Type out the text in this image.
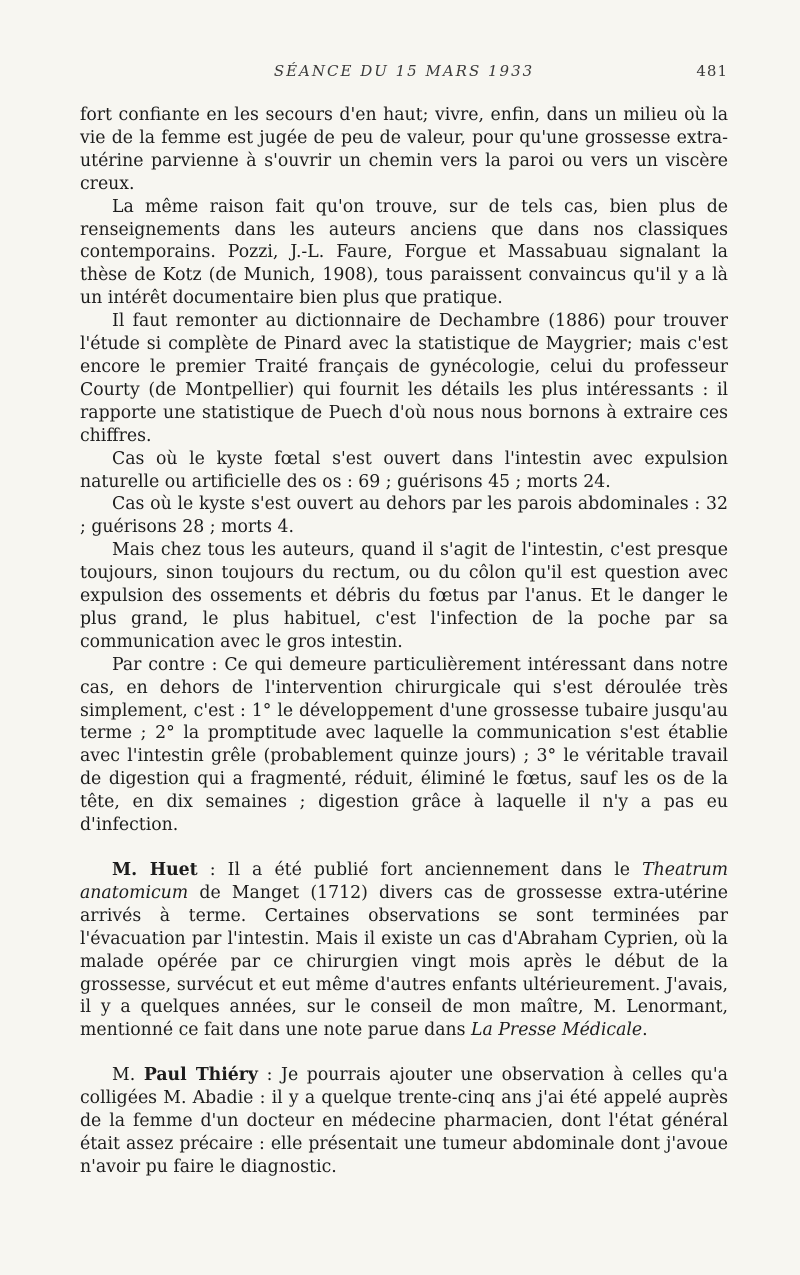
SÉANCE DU 15 MARS 1933	481

fort confiante en les secours d'en haut; vivre, enfin, dans un milieu où la vie de la femme est jugée de peu de valeur, pour qu'une grossesse extra-utérine parvienne à s'ouvrir un chemin vers la paroi ou vers un viscère creux.

La même raison fait qu'on trouve, sur de tels cas, bien plus de renseignements dans les auteurs anciens que dans nos classiques contemporains. Pozzi, J.-L. Faure, Forgue et Massabuau signalant la thèse de Kotz (de Munich, 1908), tous paraissent convaincus qu'il y a là un intérêt documentaire bien plus que pratique.

Il faut remonter au dictionnaire de Dechambre (1886) pour trouver l'étude si complète de Pinard avec la statistique de Maygrier; mais c'est encore le premier Traité français de gynécologie, celui du professeur Courty (de Montpellier) qui fournit les détails les plus intéressants : il rapporte une statistique de Puech d'où nous nous bornons à extraire ces chiffres.

Cas où le kyste fœtal s'est ouvert dans l'intestin avec expulsion naturelle ou artificielle des os : 69 ; guérisons 45 ; morts 24.

Cas où le kyste s'est ouvert au dehors par les parois abdominales : 32 ; guérisons 28 ; morts 4.

Mais chez tous les auteurs, quand il s'agit de l'intestin, c'est presque toujours, sinon toujours du rectum, ou du côlon qu'il est question avec expulsion des ossements et débris du fœtus par l'anus. Et le danger le plus grand, le plus habituel, c'est l'infection de la poche par sa communication avec le gros intestin.

Par contre : Ce qui demeure particulièrement intéressant dans notre cas, en dehors de l'intervention chirurgicale qui s'est déroulée très simplement, c'est : 1° le développement d'une grossesse tubaire jusqu'au terme ; 2° la promptitude avec laquelle la communication s'est établie avec l'intestin grêle (probablement quinze jours) ; 3° le véritable travail de digestion qui a fragmenté, réduit, éliminé le fœtus, sauf les os de la tête, en dix semaines ; digestion grâce à laquelle il n'y a pas eu d'infection.

M. Huet : Il a été publié fort anciennement dans le Theatrum anatomicum de Manget (1712) divers cas de grossesse extra-utérine arrivés à terme. Certaines observations se sont terminées par l'évacuation par l'intestin. Mais il existe un cas d'Abraham Cyprien, où la malade opérée par ce chirurgien vingt mois après le début de la grossesse, survécut et eut même d'autres enfants ultérieurement. J'avais, il y a quelques années, sur le conseil de mon maître, M. Lenormant, mentionné ce fait dans une note parue dans La Presse Médicale.

M. Paul Thiéry : Je pourrais ajouter une observation à celles qu'a colligées M. Abadie : il y a quelque trente-cinq ans j'ai été appelé auprès de la femme d'un docteur en médecine pharmacien, dont l'état général était assez précaire : elle présentait une tumeur abdominale dont j'avoue n'avoir pu faire le diagnostic.
